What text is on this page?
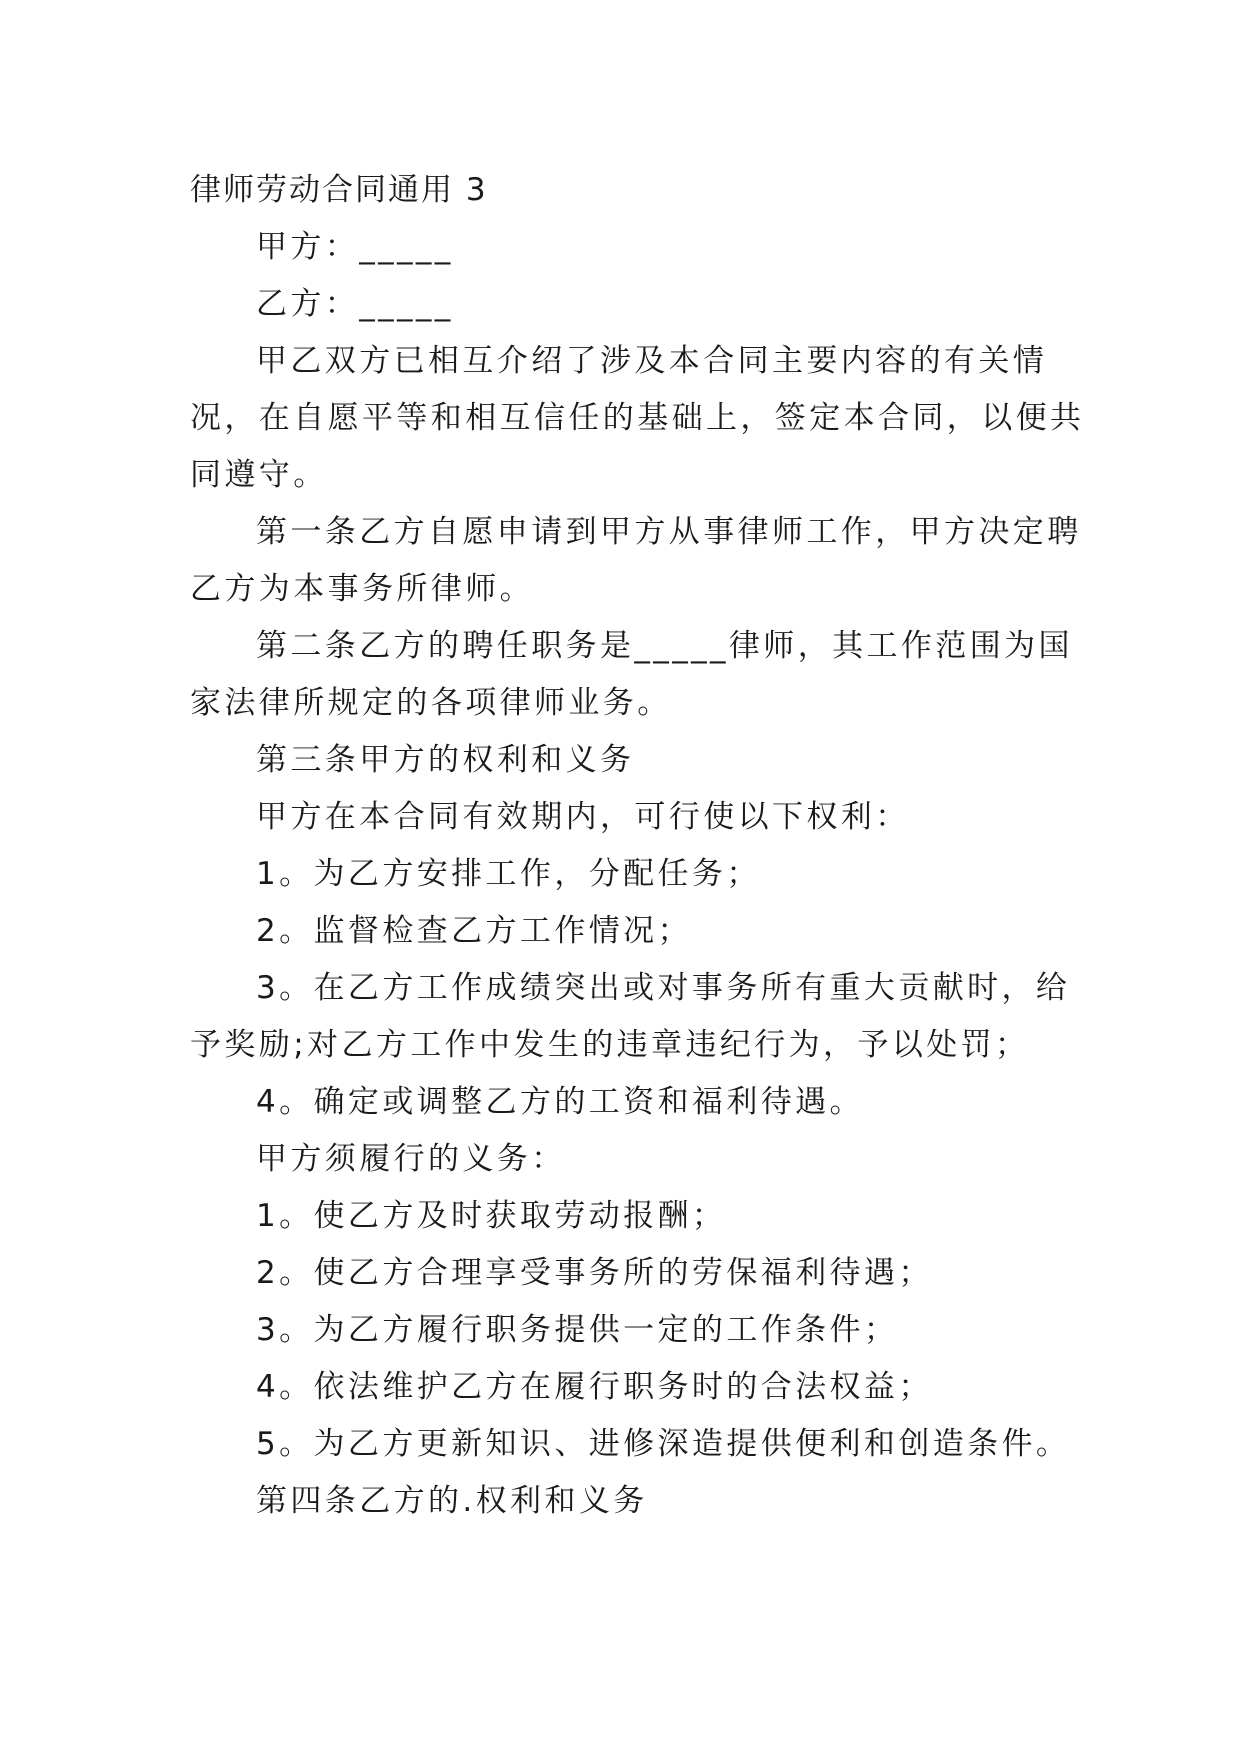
律师劳动合同通用 3
甲方：_____
乙方：_____
甲乙双方已相互介绍了涉及本合同主要内容的有关情
况，在自愿平等和相互信任的基础上，签定本合同，以便共
同遵守。
第一条乙方自愿申请到甲方从事律师工作，甲方决定聘
乙方为本事务所律师。
第二条乙方的聘任职务是_____律师，其工作范围为国
家法律所规定的各项律师业务。
第三条甲方的权利和义务
甲方在本合同有效期内，可行使以下权利：
1。为乙方安排工作，分配任务；
2。监督检查乙方工作情况；
3。在乙方工作成绩突出或对事务所有重大贡献时，给
予奖励;对乙方工作中发生的违章违纪行为，予以处罚；
4。确定或调整乙方的工资和福利待遇。
甲方须履行的义务：
1。使乙方及时获取劳动报酬；
2。使乙方合理享受事务所的劳保福利待遇；
3。为乙方履行职务提供一定的工作条件；
4。依法维护乙方在履行职务时的合法权益；
5。为乙方更新知识、进修深造提供便利和创造条件。
第四条乙方的.权利和义务
